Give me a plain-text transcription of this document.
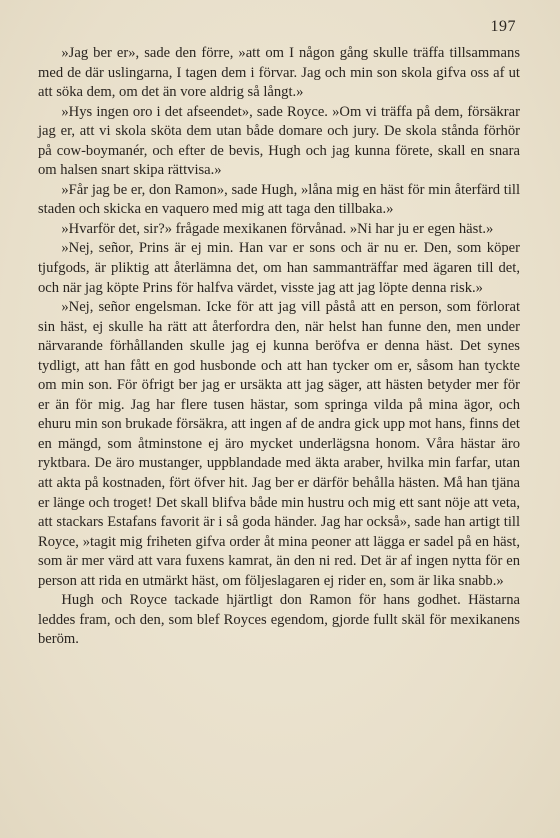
197

»Jag ber er», sade den förre, »att om I någon gång skulle träffa tillsammans med de där uslingarna, I tagen dem i förvar. Jag och min son skola gifva oss af ut att söka dem, om det än vore aldrig så långt.»

»Hys ingen oro i det afseendet», sade Royce. »Om vi träffa på dem, försäkrar jag er, att vi skola sköta dem utan både domare och jury. De skola stånda förhör på cow-boymanér, och efter de bevis, Hugh och jag kunna förete, skall en snara om halsen snart skipa rättvisa.»

»Får jag be er, don Ramon», sade Hugh, »låna mig en häst för min återfärd till staden och skicka en vaquero med mig att taga den tillbaka.»

»Hvarför det, sir?» frågade mexikanen förvånad. »Ni har ju er egen häst.»

»Nej, señor, Prins är ej min. Han var er sons och är nu er. Den, som köper tjufgods, är pliktig att återlämna det, om han sammanträffar med ägaren till det, och när jag köpte Prins för halfva värdet, visste jag att jag löpte denna risk.»

»Nej, señor engelsman. Icke för att jag vill påstå att en person, som förlorat sin häst, ej skulle ha rätt att återfordra den, när helst han funne den, men under närvarande förhållanden skulle jag ej kunna beröfva er denna häst. Det synes tydligt, att han fått en god husbonde och att han tycker om er, såsom han tyckte om min son. För öfrigt ber jag er ursäkta att jag säger, att hästen betyder mer för er än för mig. Jag har flere tusen hästar, som springa vilda på mina ägor, och ehuru min son brukade försäkra, att ingen af de andra gick upp mot hans, finns det en mängd, som åtminstone ej äro mycket underlägsna honom. Våra hästar äro ryktbara. De äro mustanger, uppblandade med äkta araber, hvilka min farfar, utan att akta på kostnaden, fört öfver hit. Jag ber er därför behålla hästen. Må han tjäna er länge och troget! Det skall blifva både min hustru och mig ett sant nöje att veta, att stackars Estafans favorit är i så goda händer. Jag har också», sade han artigt till Royce, »tagit mig friheten gifva order åt mina peoner att lägga er sadel på en häst, som är mer värd att vara fuxens kamrat, än den ni red. Det är af ingen nytta för en person att rida en utmärkt häst, om följeslagaren ej rider en, som är lika snabb.»

Hugh och Royce tackade hjärtligt don Ramon för hans godhet. Hästarna leddes fram, och den, som blef Royces egendom, gjorde fullt skäl för mexikanens beröm.
